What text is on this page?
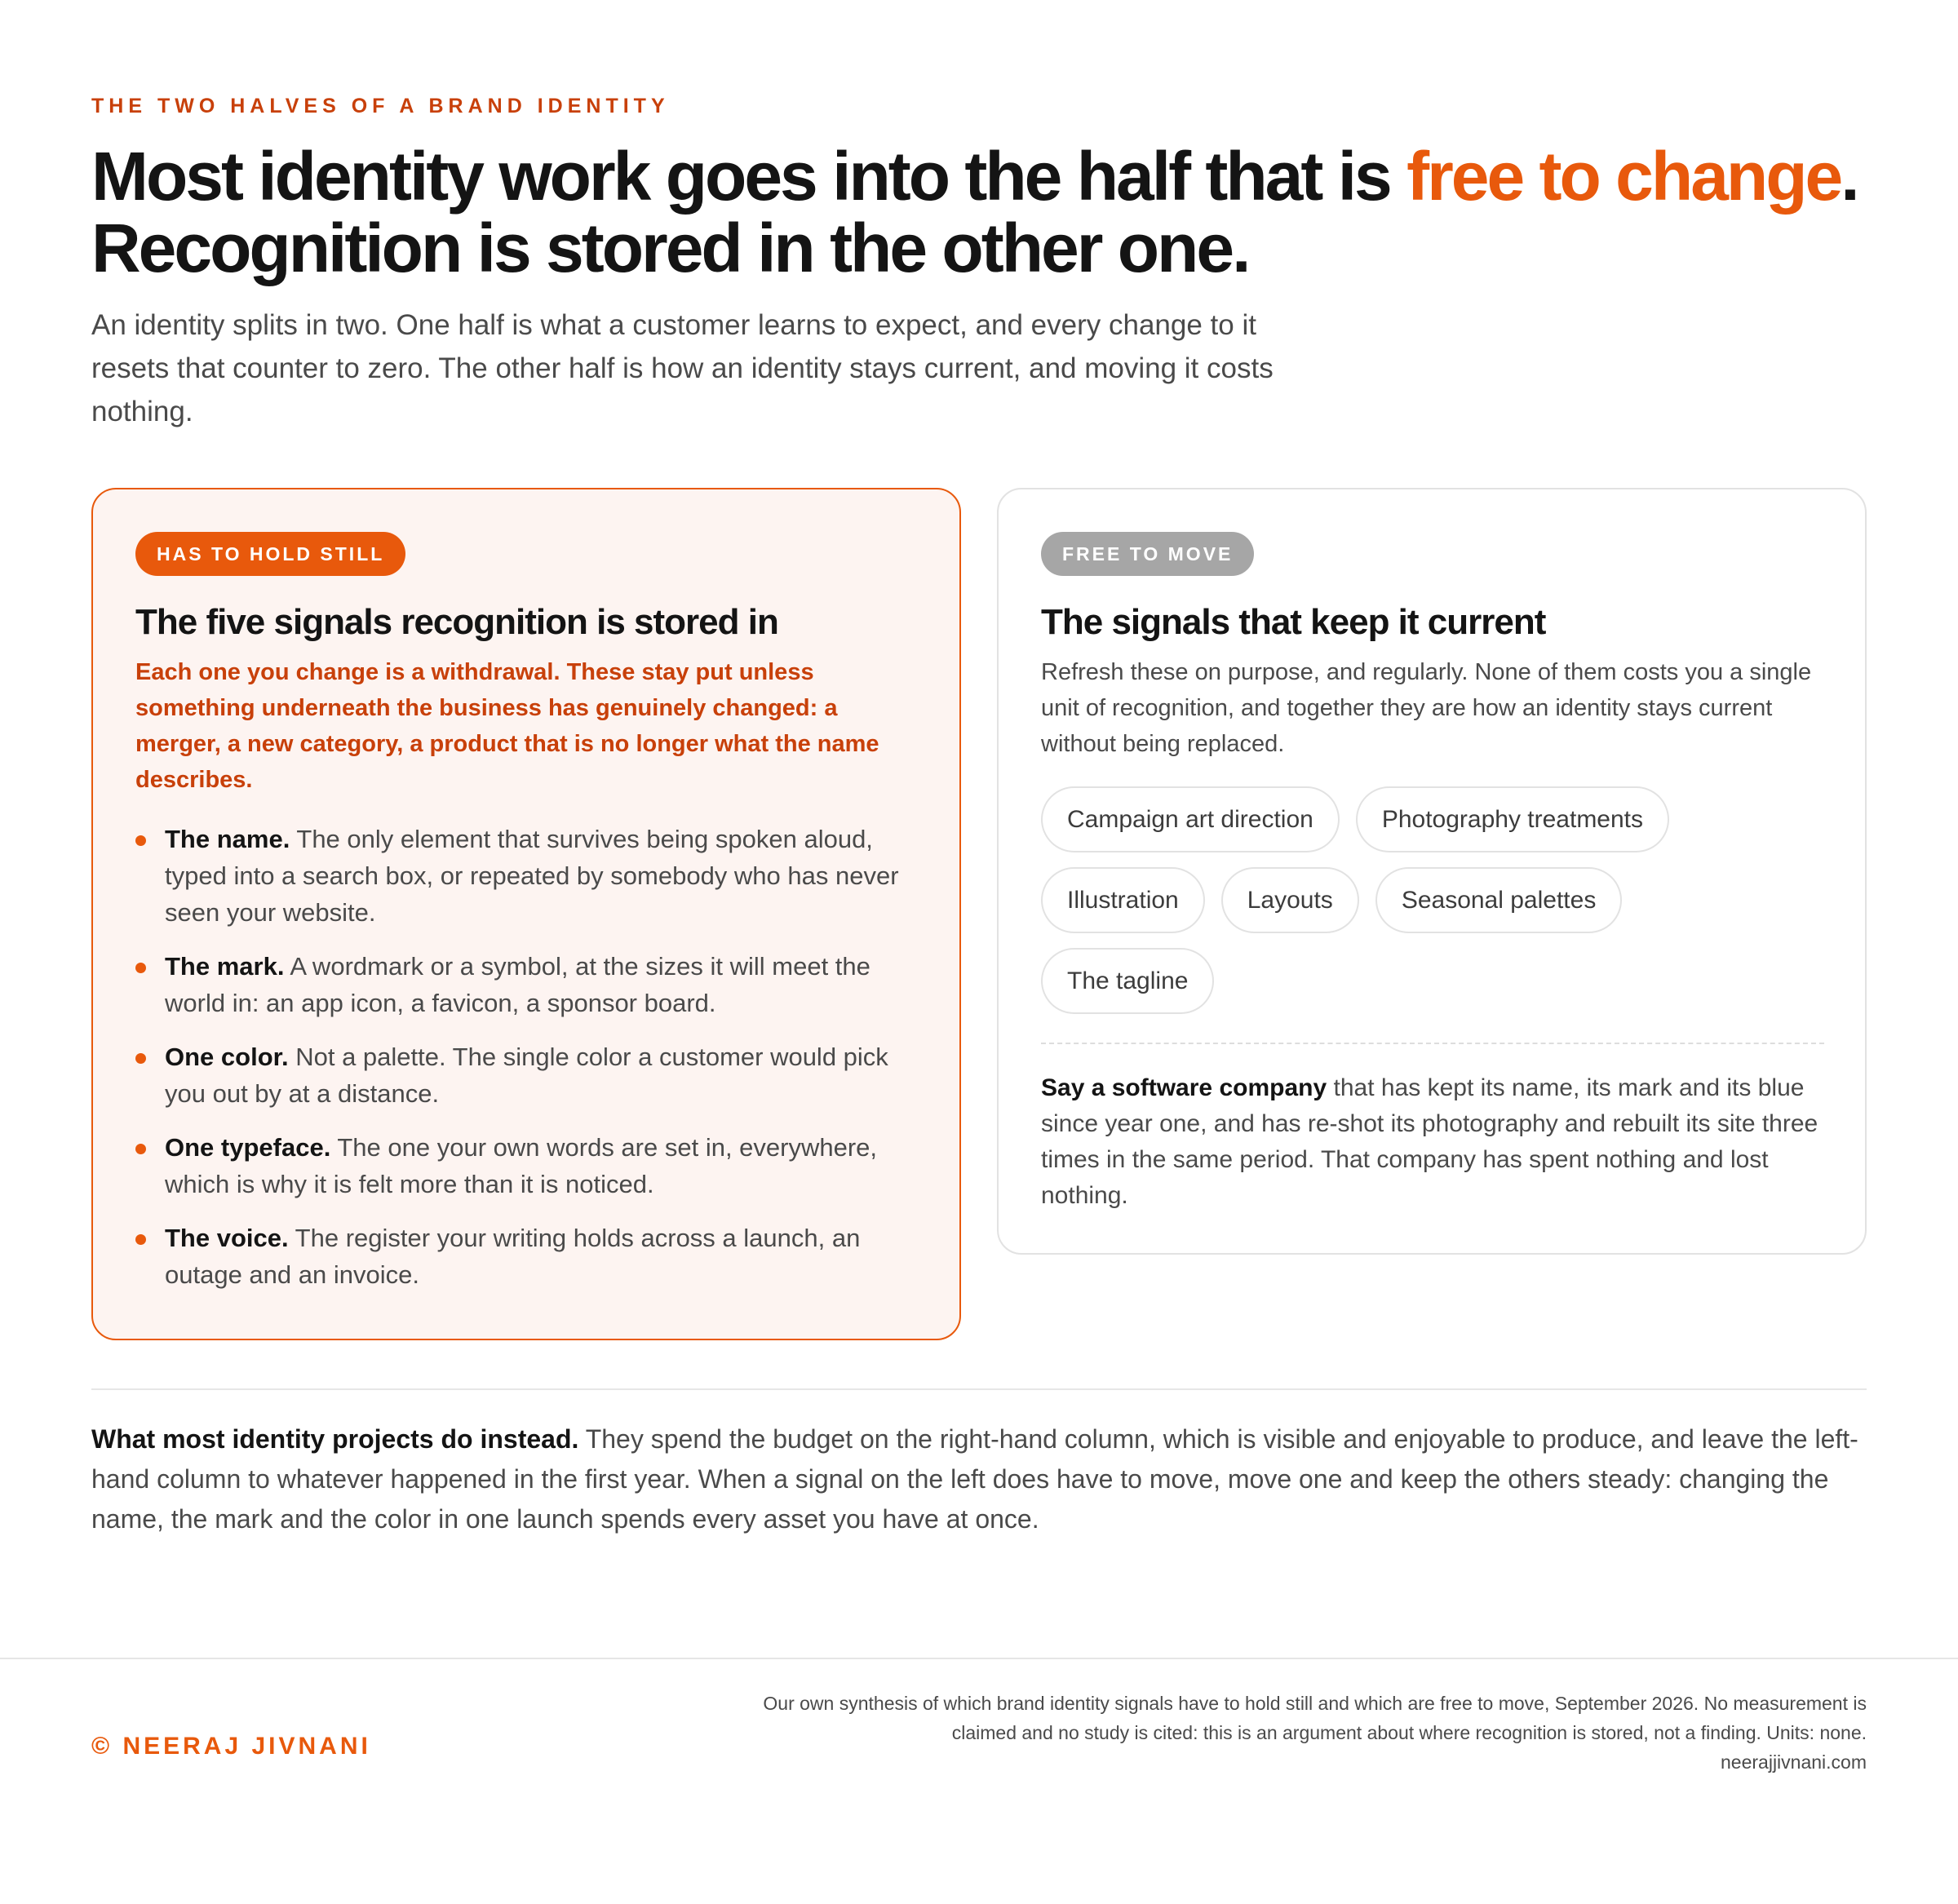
THE TWO HALVES OF A BRAND IDENTITY
Most identity work goes into the half that is free to change. Recognition is stored in the other one.

An identity splits in two. One half is what a customer learns to expect, and every change to it resets that counter to zero. The other half is how an identity stays current, and moving it costs nothing.

HAS TO HOLD STILL
The five signals recognition is stored in

Each one you change is a withdrawal. These stay put unless something underneath the business has genuinely changed: a merger, a new category, a product that is no longer what the name describes.

The name. The only element that survives being spoken aloud, typed into a search box, or repeated by somebody who has never seen your website.
The mark. A wordmark or a symbol, at the sizes it will meet the world in: an app icon, a favicon, a sponsor board.
One color. Not a palette. The single color a customer would pick you out by at a distance.
One typeface. The one your own words are set in, everywhere, which is why it is felt more than it is noticed.
The voice. The register your writing holds across a launch, an outage and an invoice.
FREE TO MOVE
The signals that keep it current

Refresh these on purpose, and regularly. None of them costs you a single unit of recognition, and together they are how an identity stays current without being replaced.

Campaign art direction	Photography treatments
Illustration	Layouts	Seasonal palettes
The tagline

Say a software company that has kept its name, its mark and its blue since year one, and has re-shot its photography and rebuilt its site three times in the same period. That company has spent nothing and lost nothing.

What most identity projects do instead. They spend the budget on the right-hand column, which is visible and enjoyable to produce, and leave the left-hand column to whatever happened in the first year. When a signal on the left does have to move, move one and keep the others steady: changing the name, the mark and the color in one launch spends every asset you have at once.

© NEERAJ JIVNANI
Our own synthesis of which brand identity signals have to hold still and which are free to move, September 2026. No measurement is claimed and no study is cited: this is an argument about where recognition is stored, not a finding. Units: none.
neerajjivnani.com
